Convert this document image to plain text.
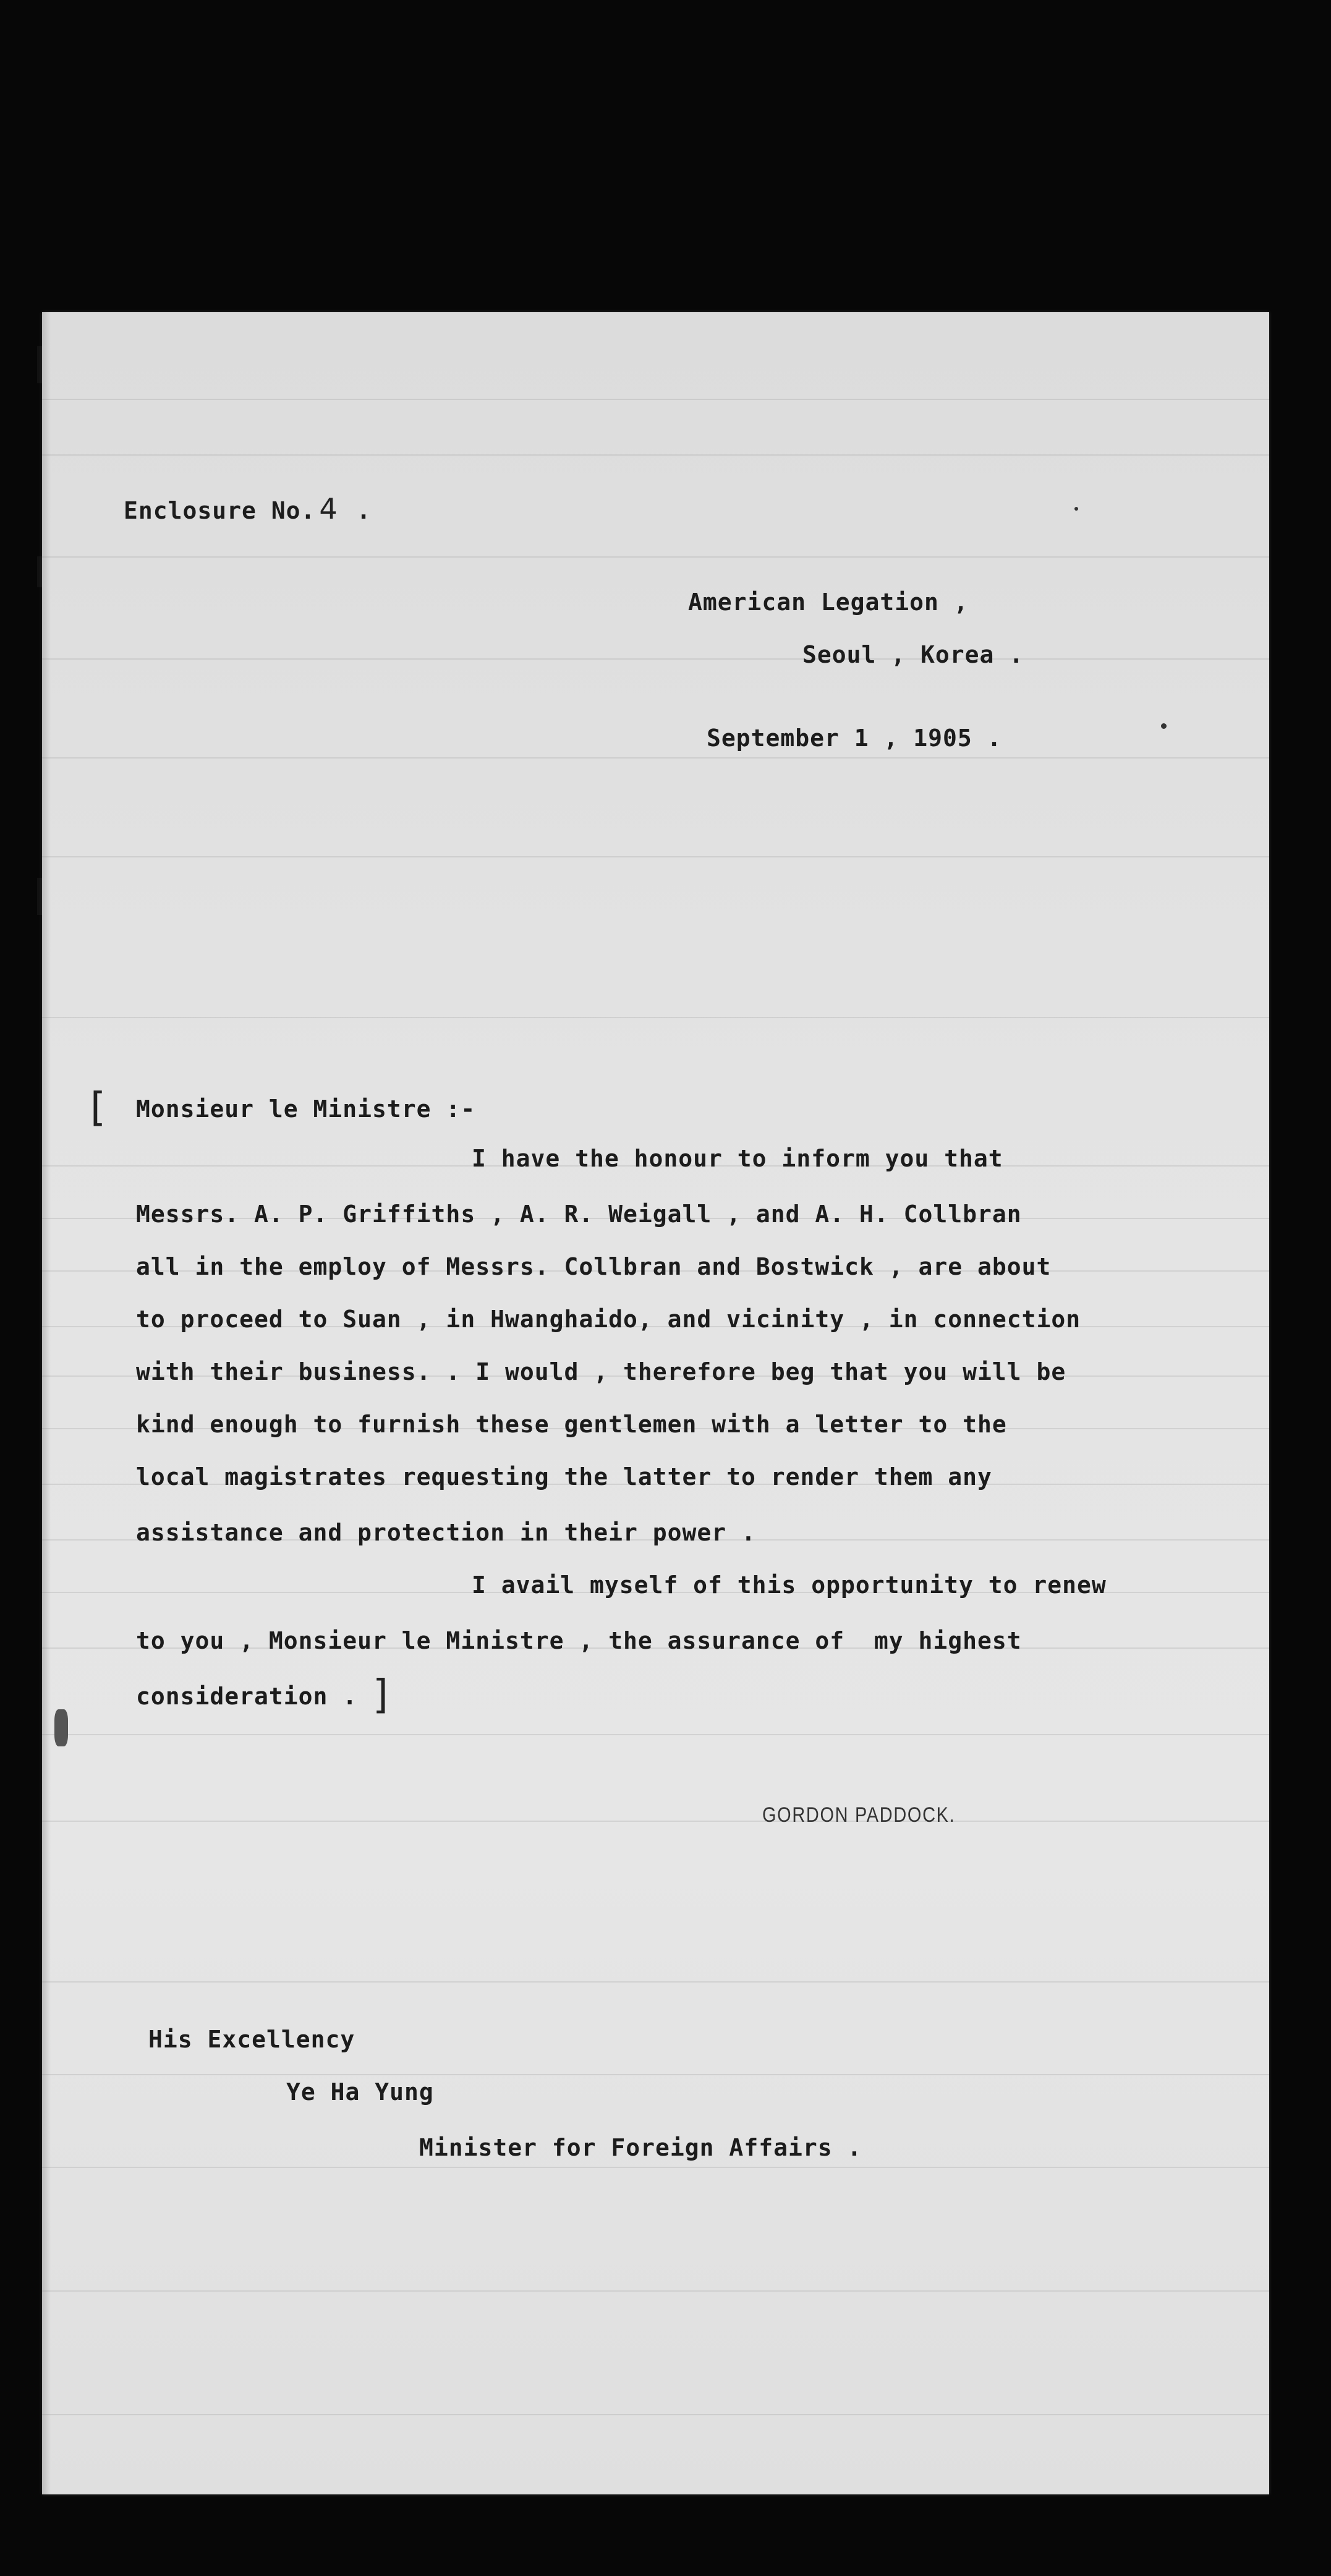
Enclosure No. 4 .
American Legation ,
Seoul , Korea .
September 1 , 1905 .
[ Monsieur le Ministre :-
I have the honour to inform you that
Messrs. A. P. Griffiths , A. R. Weigall , and A. H. Collbran
all in the employ of Messrs. Collbran and Bostwick , are about
to proceed to Suan , in Hwanghaido, and vicinity , in connection
with their business. . I would , therefore beg that you will be
kind enough to furnish these gentlemen with a letter to the
local magistrates requesting the latter to render them any
assistance and protection in their power .
I avail myself of this opportunity to renew
to you , Monsieur le Ministre , the assurance of  my highest
consideration . ]
GORDON PADDOCK.
His Excellency
Ye Ha Yung
Minister for Foreign Affairs .
